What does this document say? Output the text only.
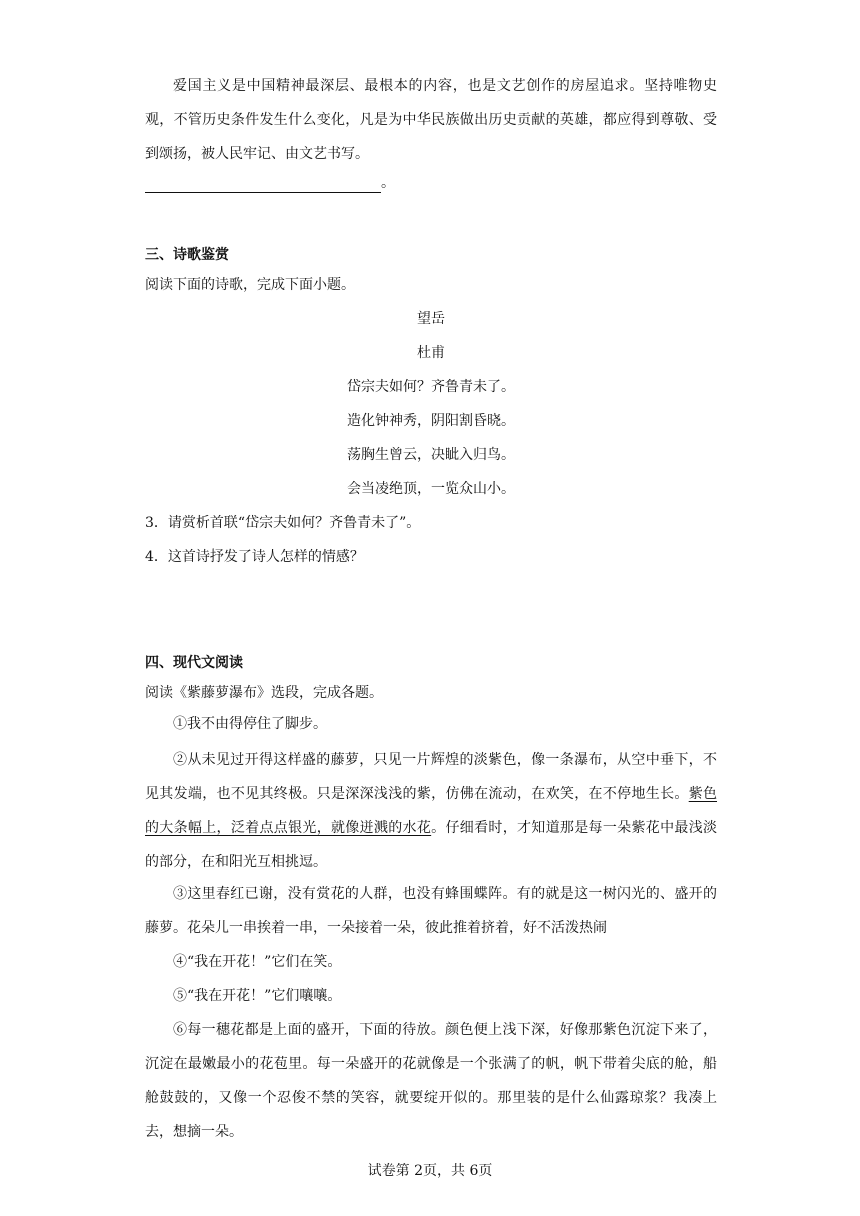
爱国主义是中国精神最深层、最根本的内容，也是文艺创作的房屋追求。坚持唯物史观，不管历史条件发生什么变化，凡是为中华民族做出历史贡献的英雄，都应得到尊敬、受到颂扬，被人民牢记、由文艺书写。
。
三、诗歌鉴赏
阅读下面的诗歌，完成下面小题。
望岳
杜甫
岱宗夫如何？齐鲁青未了。
造化钟神秀，阴阳割昏晓。
荡胸生曾云，决眦入归鸟。
会当凌绝顶，一览众山小。
3．请赏析首联“岱宗夫如何？齐鲁青未了”。
4．这首诗抒发了诗人怎样的情感？
四、现代文阅读
阅读《紫藤萝瀑布》选段，完成各题。
①我不由得停住了脚步。
②从未见过开得这样盛的藤萝，只见一片辉煌的淡紫色，像一条瀑布，从空中垂下，不见其发端，也不见其终极。只是深深浅浅的紫，仿佛在流动，在欢笑，在不停地生长。紫色的大条幅上，泛着点点银光，就像迸溅的水花。仔细看时，才知道那是每一朵紫花中最浅淡的部分，在和阳光互相挑逗。
③这里春红已谢，没有赏花的人群，也没有蜂围蝶阵。有的就是这一树闪光的、盛开的藤萝。花朵儿一串挨着一串，一朵接着一朵，彼此推着挤着，好不活泼热闹
④“我在开花！”它们在笑。
⑤“我在开花！”它们嚷嚷。
⑥每一穗花都是上面的盛开，下面的待放。颜色便上浅下深，好像那紫色沉淀下来了，沉淀在最嫩最小的花苞里。每一朵盛开的花就像是一个张满了的帆，帆下带着尖底的舱，船舱鼓鼓的，又像一个忍俊不禁的笑容，就要绽开似的。那里装的是什么仙露琼浆？我凑上去，想摘一朵。
试卷第 2页，共 6页
